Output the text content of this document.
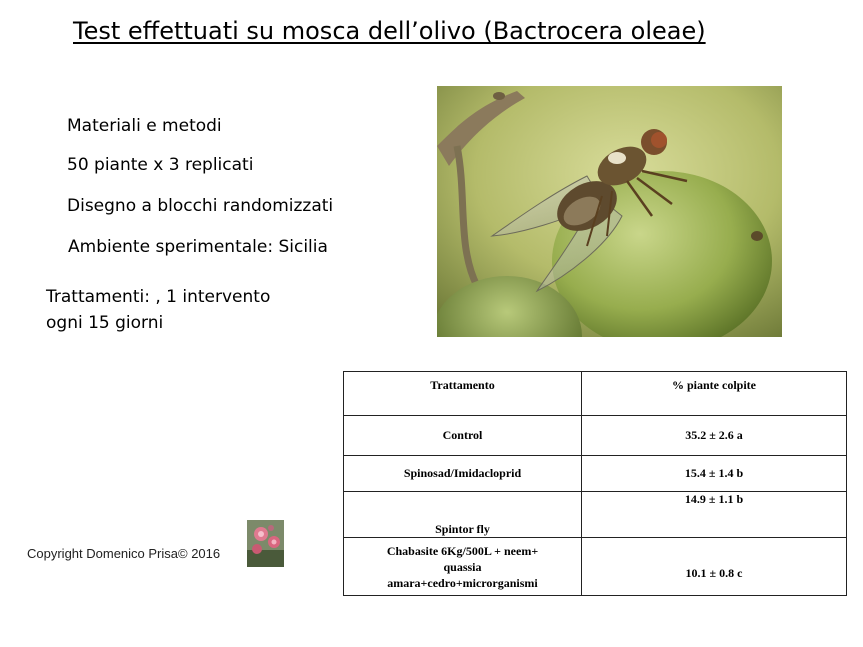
Test effettuati su mosca dell’olivo (Bactrocera oleae)
Materiali e metodi
50 piante x 3 replicati
Disegno a blocchi randomizzati
Ambiente sperimentale: Sicilia
Trattamenti: , 1 intervento
ogni 15 giorni
Trattamento	% piante colpite
Control	35.2 ± 2.6 a
Spinosad/Imidacloprid	15.4 ± 1.4 b
Spintor fly	14.9 ± 1.1 b

Chabasite 6Kg/500L + neem+
quassia
amara+cedro+microrganismi	10.1 ± 0.8 c
Copyright Domenico Prisa© 2016
